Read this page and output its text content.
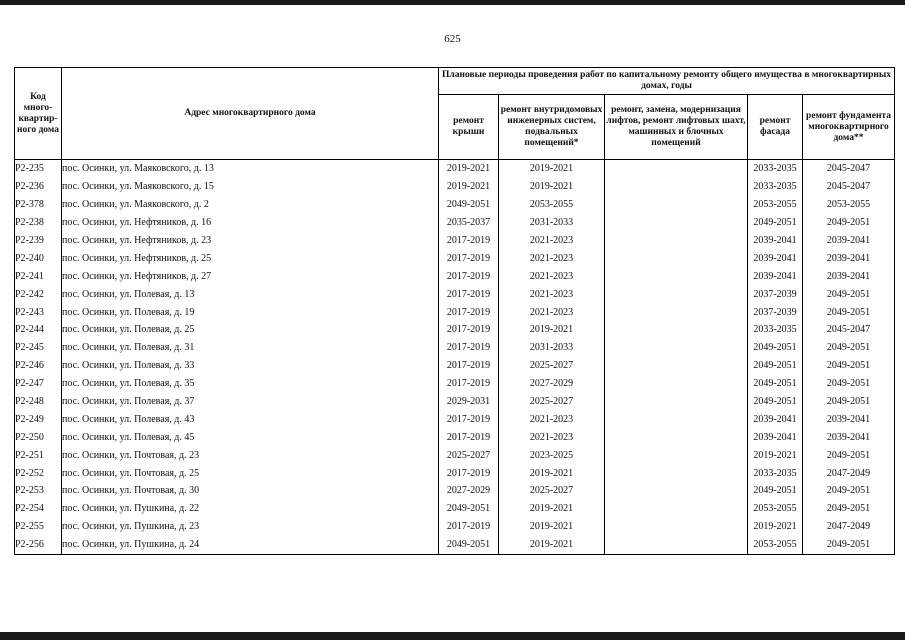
625
Код много-квартир-ного дома	Адрес многоквартирного дома	Плановые периоды проведения работ по капитальному ремонту общего имущества в многоквартирных домах, годы				
		ремонт крыши	ремонт внутридомовых инженерных систем, подвальных помещений*	ремонт, замена, модернизация лифтов, ремонт лифтовых шахт, машинных и блочных помещений	ремонт фасада	ремонт фундамента многоквартирного дома**
Р2-235	пос. Осинки, ул. Маяковского, д. 13	2019-2021	2019-2021		2033-2035	2045-2047
Р2-236	пос. Осинки, ул. Маяковского, д. 15	2019-2021	2019-2021		2033-2035	2045-2047
Р2-378	пос. Осинки, ул. Маяковского, д. 2	2049-2051	2053-2055		2053-2055	2053-2055
Р2-238	пос. Осинки, ул. Нефтяников, д. 16	2035-2037	2031-2033		2049-2051	2049-2051
Р2-239	пос. Осинки, ул. Нефтяников, д. 23	2017-2019	2021-2023		2039-2041	2039-2041
Р2-240	пос. Осинки, ул. Нефтяников, д. 25	2017-2019	2021-2023		2039-2041	2039-2041
Р2-241	пос. Осинки, ул. Нефтяников, д. 27	2017-2019	2021-2023		2039-2041	2039-2041
Р2-242	пос. Осинки, ул. Полевая, д. 13	2017-2019	2021-2023		2037-2039	2049-2051
Р2-243	пос. Осинки, ул. Полевая, д. 19	2017-2019	2021-2023		2037-2039	2049-2051
Р2-244	пос. Осинки, ул. Полевая, д. 25	2017-2019	2019-2021		2033-2035	2045-2047
Р2-245	пос. Осинки, ул. Полевая, д. 31	2017-2019	2031-2033		2049-2051	2049-2051
Р2-246	пос. Осинки, ул. Полевая, д. 33	2017-2019	2025-2027		2049-2051	2049-2051
Р2-247	пос. Осинки, ул. Полевая, д. 35	2017-2019	2027-2029		2049-2051	2049-2051
Р2-248	пос. Осинки, ул. Полевая, д. 37	2029-2031	2025-2027		2049-2051	2049-2051
Р2-249	пос. Осинки, ул. Полевая, д. 43	2017-2019	2021-2023		2039-2041	2039-2041
Р2-250	пос. Осинки, ул. Полевая, д. 45	2017-2019	2021-2023		2039-2041	2039-2041
Р2-251	пос. Осинки, ул. Почтовая, д. 23	2025-2027	2023-2025		2019-2021	2049-2051
Р2-252	пос. Осинки, ул. Почтовая, д. 25	2017-2019	2019-2021		2033-2035	2047-2049
Р2-253	пос. Осинки, ул. Почтовая, д. 30	2027-2029	2025-2027		2049-2051	2049-2051
Р2-254	пос. Осинки, ул. Пушкина, д. 22	2049-2051	2019-2021		2053-2055	2049-2051
Р2-255	пос. Осинки, ул. Пушкина, д. 23	2017-2019	2019-2021		2019-2021	2047-2049
Р2-256	пос. Осинки, ул. Пушкина, д. 24	2049-2051	2019-2021		2053-2055	2049-2051
